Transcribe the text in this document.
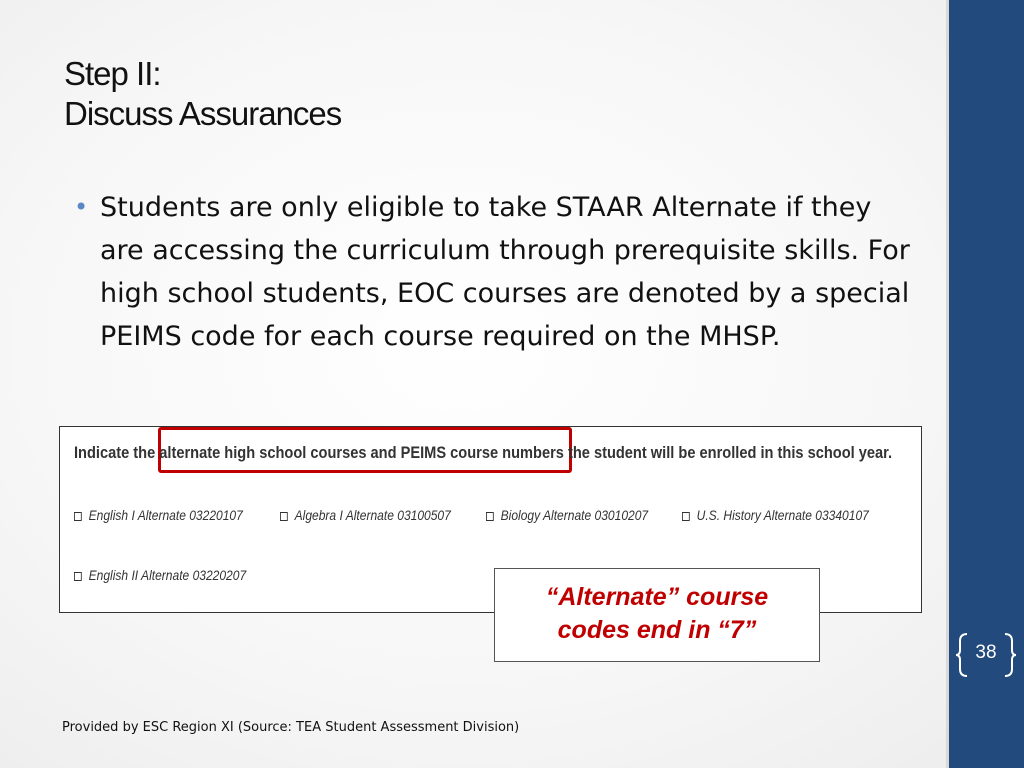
Step II:
Discuss Assurances
• Students are only eligible to take STAAR Alternate if they are accessing the curriculum through prerequisite skills. For high school students, EOC courses are denoted by a special PEIMS code for each course required on the MHSP.
Indicate the alternate high school courses and PEIMS course numbers the student will be enrolled in this school year.
English I Alternate 03220107	Algebra I Alternate 03100507	Biology Alternate 03010207	U.S. History Alternate 03340107
English II Alternate 03220207
“Alternate” course
codes end in “7”
38
Provided by ESC Region XI (Source: TEA Student Assessment Division)
